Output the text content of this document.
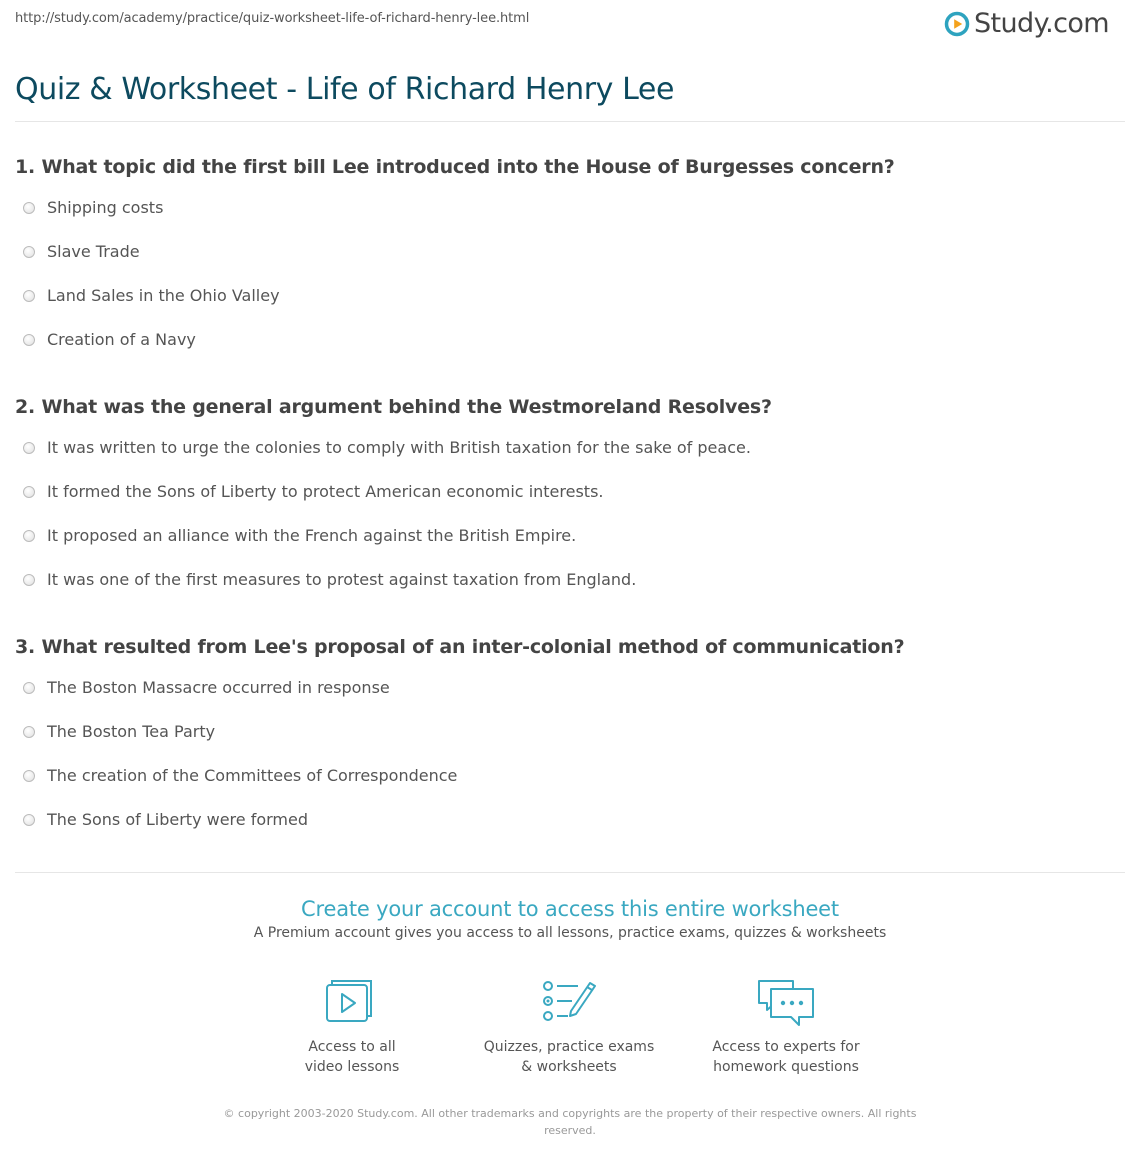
http://study.com/academy/practice/quiz-worksheet-life-of-richard-henry-lee.html	Study.com
Quiz & Worksheet - Life of Richard Henry Lee
1. What topic did the first bill Lee introduced into the House of Burgesses concern?
Shipping costs
Slave Trade
Land Sales in the Ohio Valley
Creation of a Navy
2. What was the general argument behind the Westmoreland Resolves?
It was written to urge the colonies to comply with British taxation for the sake of peace.
It formed the Sons of Liberty to protect American economic interests.
It proposed an alliance with the French against the British Empire.
It was one of the first measures to protest against taxation from England.
3. What resulted from Lee's proposal of an inter-colonial method of communication?
The Boston Massacre occurred in response
The Boston Tea Party
The creation of the Committees of Correspondence
The Sons of Liberty were formed
Create your account to access this entire worksheet
A Premium account gives you access to all lessons, practice exams, quizzes & worksheets
Access to all
video lessons
Quizzes, practice exams
& worksheets
Access to experts for
homework questions
© copyright 2003-2020 Study.com. All other trademarks and copyrights are the property of their respective owners. All rights reserved.
